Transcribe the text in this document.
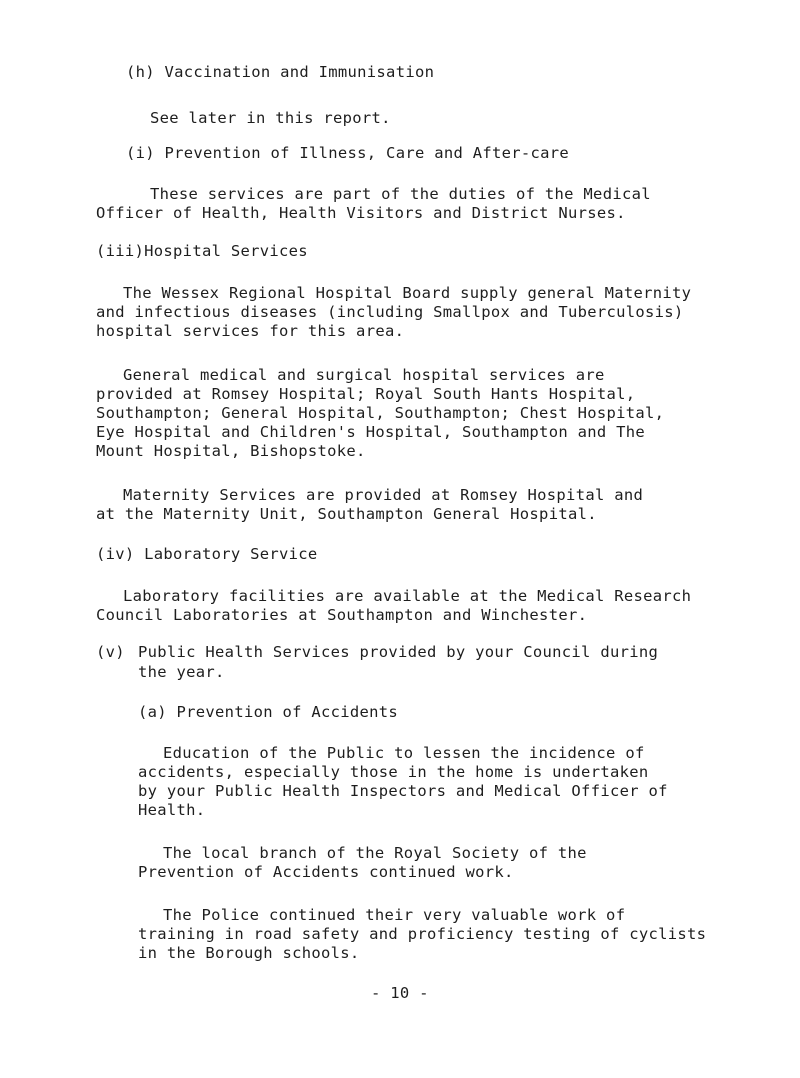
(h) Vaccination and Immunisation
See later in this report.
(i) Prevention of Illness, Care and After-care
These services are part of the duties of the Medical
Officer of Health, Health Visitors and District Nurses.
(iii)Hospital Services
The Wessex Regional Hospital Board supply general Maternity
and infectious diseases (including Smallpox and Tuberculosis)
hospital services for this area.
General medical and surgical hospital services are
provided at Romsey Hospital; Royal South Hants Hospital,
Southampton; General Hospital, Southampton; Chest Hospital,
Eye Hospital and Children's Hospital, Southampton and The
Mount Hospital, Bishopstoke.
Maternity Services are provided at Romsey Hospital and
at the Maternity Unit, Southampton General Hospital.
(iv) Laboratory Service
Laboratory facilities are available at the Medical Research
Council Laboratories at Southampton and Winchester.
(v) Public Health Services provided by your Council during
the year.
(a) Prevention of Accidents
Education of the Public to lessen the incidence of
accidents, especially those in the home is undertaken
by your Public Health Inspectors and Medical Officer of
Health.
The local branch of the Royal Society of the
Prevention of Accidents continued work.
The Police continued their very valuable work of
training in road safety and proficiency testing of cyclists
in the Borough schools.
- 10 -
